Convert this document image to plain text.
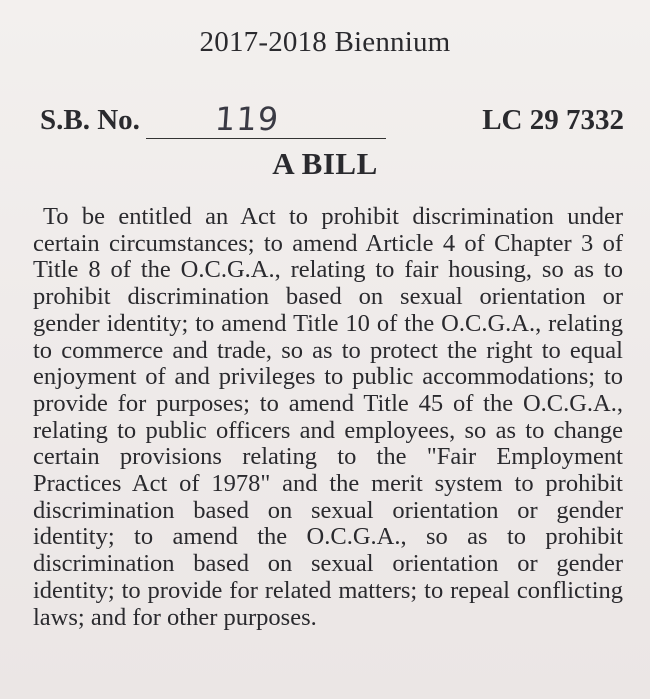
2017-2018 Biennium
S.B. No. 119	LC 29 7332
A BILL

To be entitled an Act to prohibit discrimination under certain circumstances; to amend Article 4 of Chapter 3 of Title 8 of the O.C.G.A., relating to fair housing, so as to prohibit discrimination based on sexual orientation or gender identity; to amend Title 10 of the O.C.G.A., relating to commerce and trade, so as to protect the right to equal enjoyment of and privileges to public accommodations; to provide for purposes; to amend Title 45 of the O.C.G.A., relating to public officers and employees, so as to change certain provisions relating to the "Fair Employment Practices Act of 1978" and the merit system to prohibit discrimination based on sexual orientation or gender identity; to amend the O.C.G.A., so as to prohibit discrimination based on sexual orientation or gender identity; to provide for related matters; to repeal conflicting laws; and for other purposes.
